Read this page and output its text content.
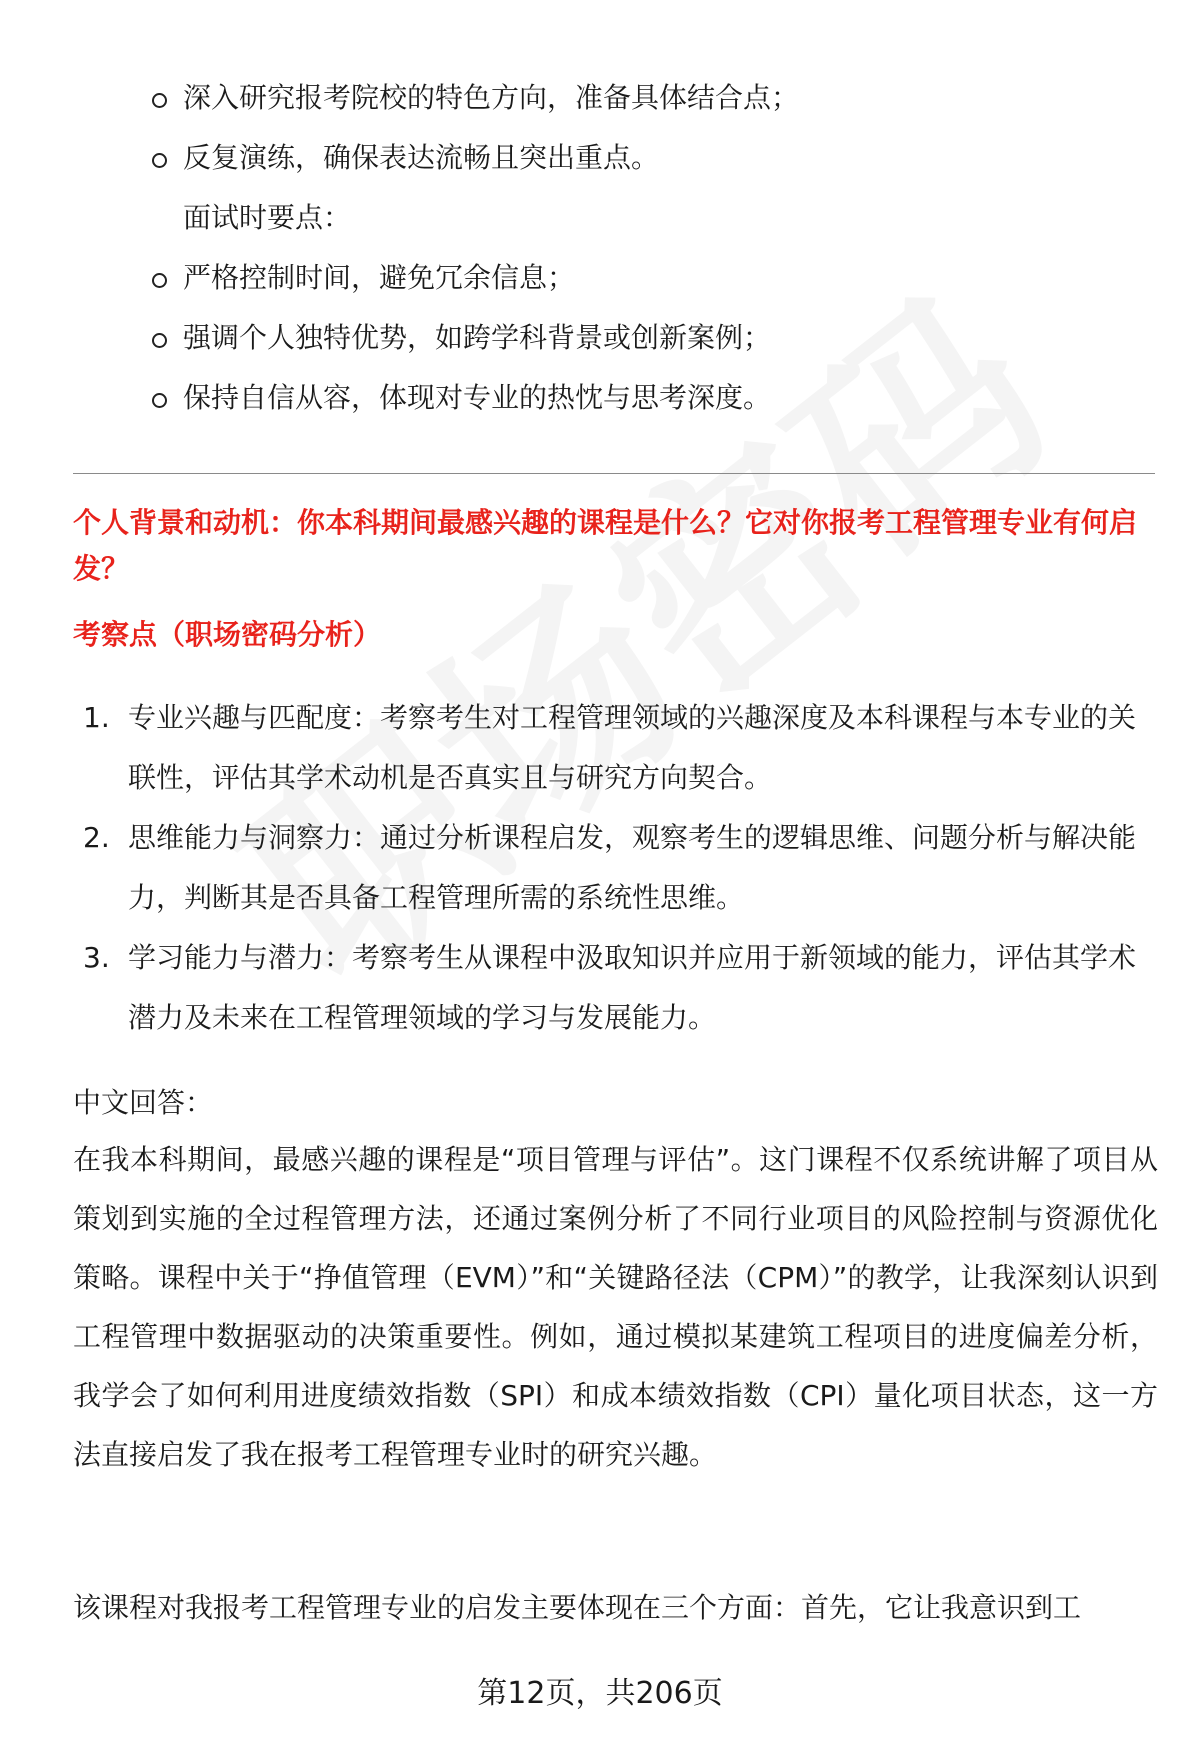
深入研究报考院校的特色方向，准备具体结合点；
反复演练，确保表达流畅且突出重点。
面试时要点：
严格控制时间，避免冗余信息；
强调个人独特优势，如跨学科背景或创新案例；
保持自信从容，体现对专业的热忱与思考深度。
个人背景和动机：你本科期间最感兴趣的课程是什么？它对你报考工程管理专业有何启发？
考察点（职场密码分析）
1. 专业兴趣与匹配度：考察考生对工程管理领域的兴趣深度及本科课程与本专业的关联性，评估其学术动机是否真实且与研究方向契合。
2. 思维能力与洞察力：通过分析课程启发，观察考生的逻辑思维、问题分析与解决能力，判断其是否具备工程管理所需的系统性思维。
3. 学习能力与潜力：考察考生从课程中汲取知识并应用于新领域的能力，评估其学术潜力及未来在工程管理领域的学习与发展能力。
中文回答：
在我本科期间，最感兴趣的课程是“项目管理与评估”。这门课程不仅系统讲解了项目从策划到实施的全过程管理方法，还通过案例分析了不同行业项目的风险控制与资源优化策略。课程中关于“挣值管理（EVM）”和“关键路径法（CPM）”的教学，让我深刻认识到工程管理中数据驱动的决策重要性。例如，通过模拟某建筑工程项目的进度偏差分析，我学会了如何利用进度绩效指数（SPI）和成本绩效指数（CPI）量化项目状态，这一方法直接启发了我在报考工程管理专业时的研究兴趣。
该课程对我报考工程管理专业的启发主要体现在三个方面：首先，它让我意识到工
第12页，共206页
